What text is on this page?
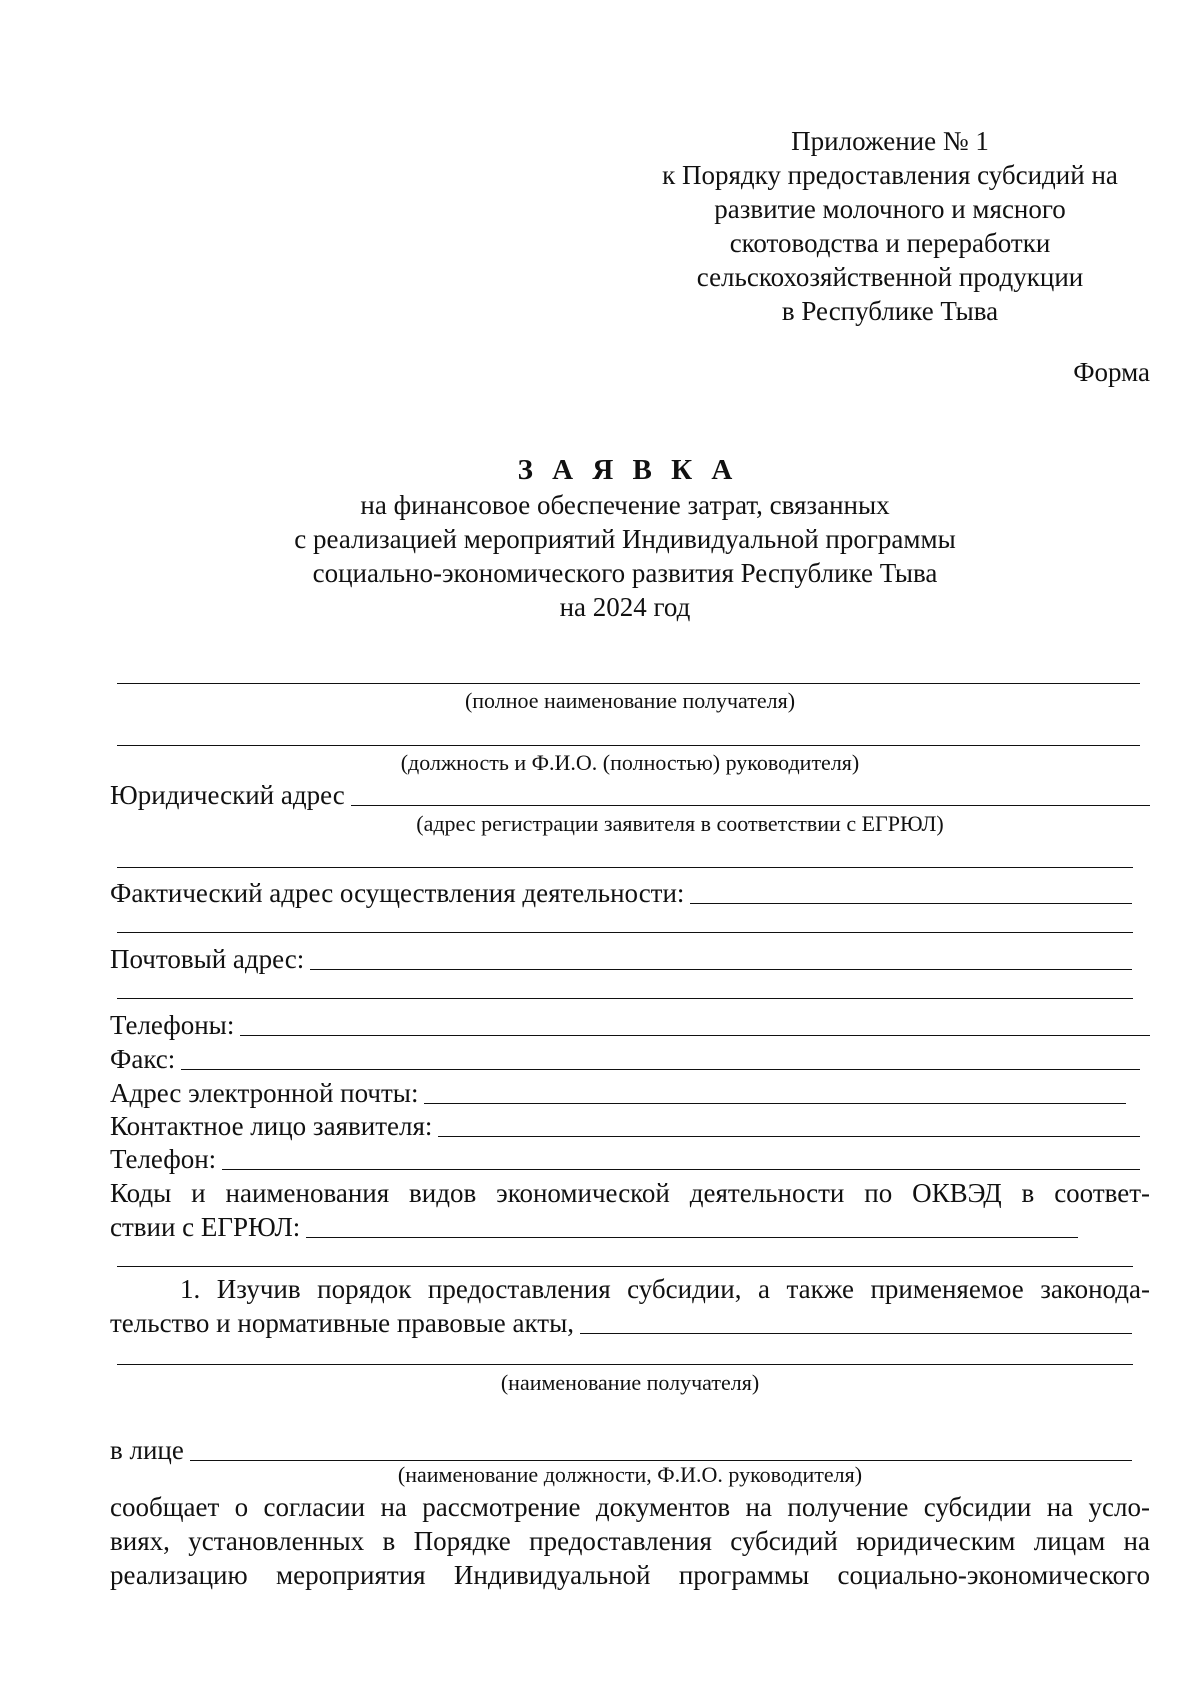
Приложение № 1
к Порядку предоставления субсидий на
развитие молочного и мясного
скотоводства и переработки
сельскохозяйственной продукции
в Республике Тыва
Форма
З А Я В К А
на финансовое обеспечение затрат, связанных
с реализацией мероприятий Индивидуальной программы
социально-экономического развития Республике Тыва
на 2024 год
(полное наименование получателя)
(должность и Ф.И.О. (полностью) руководителя)
Юридический адрес
(адрес регистрации заявителя в соответствии с ЕГРЮЛ)
Фактический адрес осуществления деятельности:
Почтовый адрес:
Телефоны:
Факс:
Адрес электронной почты:
Контактное лицо заявителя:
Телефон:
Коды и наименования видов экономической деятельности по ОКВЭД в соответ-
ствии с ЕГРЮЛ:
1. Изучив порядок предоставления субсидии, а также применяемое законода-
тельство и нормативные правовые акты,
(наименование получателя)
в лице
(наименование должности, Ф.И.О. руководителя)
сообщает о согласии на рассмотрение документов на получение субсидии на усло-
виях, установленных в Порядке предоставления субсидий юридическим лицам на
реализацию мероприятия Индивидуальной программы социально-экономического
